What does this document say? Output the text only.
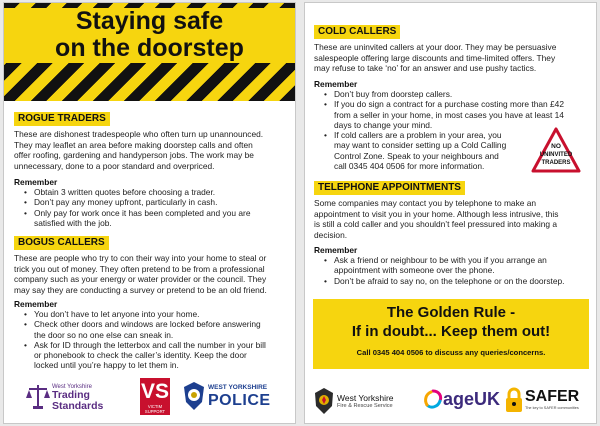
Staying safe
on the doorstep
ROGUE TRADERS
These are dishonest tradespeople who often turn up unannounced.
They may leaflet an area before making doorstep calls and often
offer roofing, gardening and handyperson jobs. The work may be
unnecessary, done to a poor standard and overpriced.
Remember
• Obtain 3 written quotes before choosing a trader.
• Don’t pay any money upfront, particularly in cash.
• Only pay for work once it has been completed and you are
satisfied with the job.
BOGUS CALLERS
These are people who try to con their way into your home to steal or
trick you out of money. They often pretend to be from a professional
company such as your energy or water provider or the council. They
may say they are conducting a survey or pretend to be an old friend.
Remember
• You don’t have to let anyone into your home.
• Check other doors and windows are locked before answering
the door so no one else can sneak in.
• Ask for ID through the letterbox and call the number in your bill
or phonebook to check the caller’s identity. Keep the door
locked until you’re happy to let them in.
West Yorkshire
Trading
Standards
VS
VICTIM
SUPPORT
WEST YORKSHIRE
POLICE
COLD CALLERS
These are uninvited callers at your door. They may be persuasive
salespeople offering large discounts and time-limited offers. They
may refuse to take ‘no’ for an answer and use pushy tactics.
Remember
• Don’t buy from doorstep callers.
• If you do sign a contract for a purchase costing more than £42
from a seller in your home, in most cases you have at least 14
days to change your mind.
• If cold callers are a problem in your area, you
may want to consider setting up a Cold Calling
Control Zone. Speak to your neighbours and
call 0345 404 0506 for more information.
NO
UNINVITED
TRADERS
TELEPHONE APPOINTMENTS
Some companies may contact you by telephone to make an
appointment to visit you in your home. Although less intrusive, this
is still a cold caller and you shouldn’t feel pressured into making a
decision.
Remember
• Ask a friend or neighbour to be with you if you arrange an
appointment with someone over the phone.
• Don’t be afraid to say no, on the telephone or on the doorstep.
The Golden Rule -
If in doubt... Keep them out!
Call 0345 404 0506 to discuss any queries/concerns.
West Yorkshire
Fire & Rescue Service	ageUK SAFER
The key to SAFER communities
